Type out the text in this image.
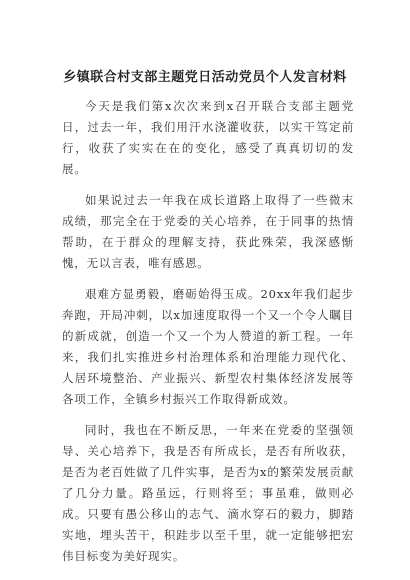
乡镇联合村支部主题党日活动党员个人发言材料

今天是我们第x次次来到x召开联合支部主题党日，过去一年，我们用汗水浇灌收获，以实干笃定前行，收获了实实在在的变化，感受了真真切切的发展。

如果说过去一年我在成长道路上取得了一些微末成绩，那完全在于党委的关心培养，在于同事的热情帮助，在于群众的理解支持，获此殊荣，我深感惭愧，无以言表，唯有感恩。

艰难方显勇毅，磨砺始得玉成。20xx年我们起步奔跑，开局冲刺，以x加速度取得一个又一个令人瞩目的新成就，创造一个又一个为人赞道的新工程。一年来，我们扎实推进乡村治理体系和治理能力现代化、人居环境整治、产业振兴、新型农村集体经济发展等各项工作，全镇乡村振兴工作取得新成效。

同时，我也在不断反思，一年来在党委的坚强领导、关心培养下，我是否有所成长，是否有所收获，是否为老百姓做了几件实事，是否为x的繁荣发展贡献了几分力量。路虽远，行则将至；事虽难，做则必成。只要有愚公移山的志气、滴水穿石的毅力，脚踏实地，埋头苦干，积跬步以至千里，就一定能够把宏伟目标变为美好现实。
